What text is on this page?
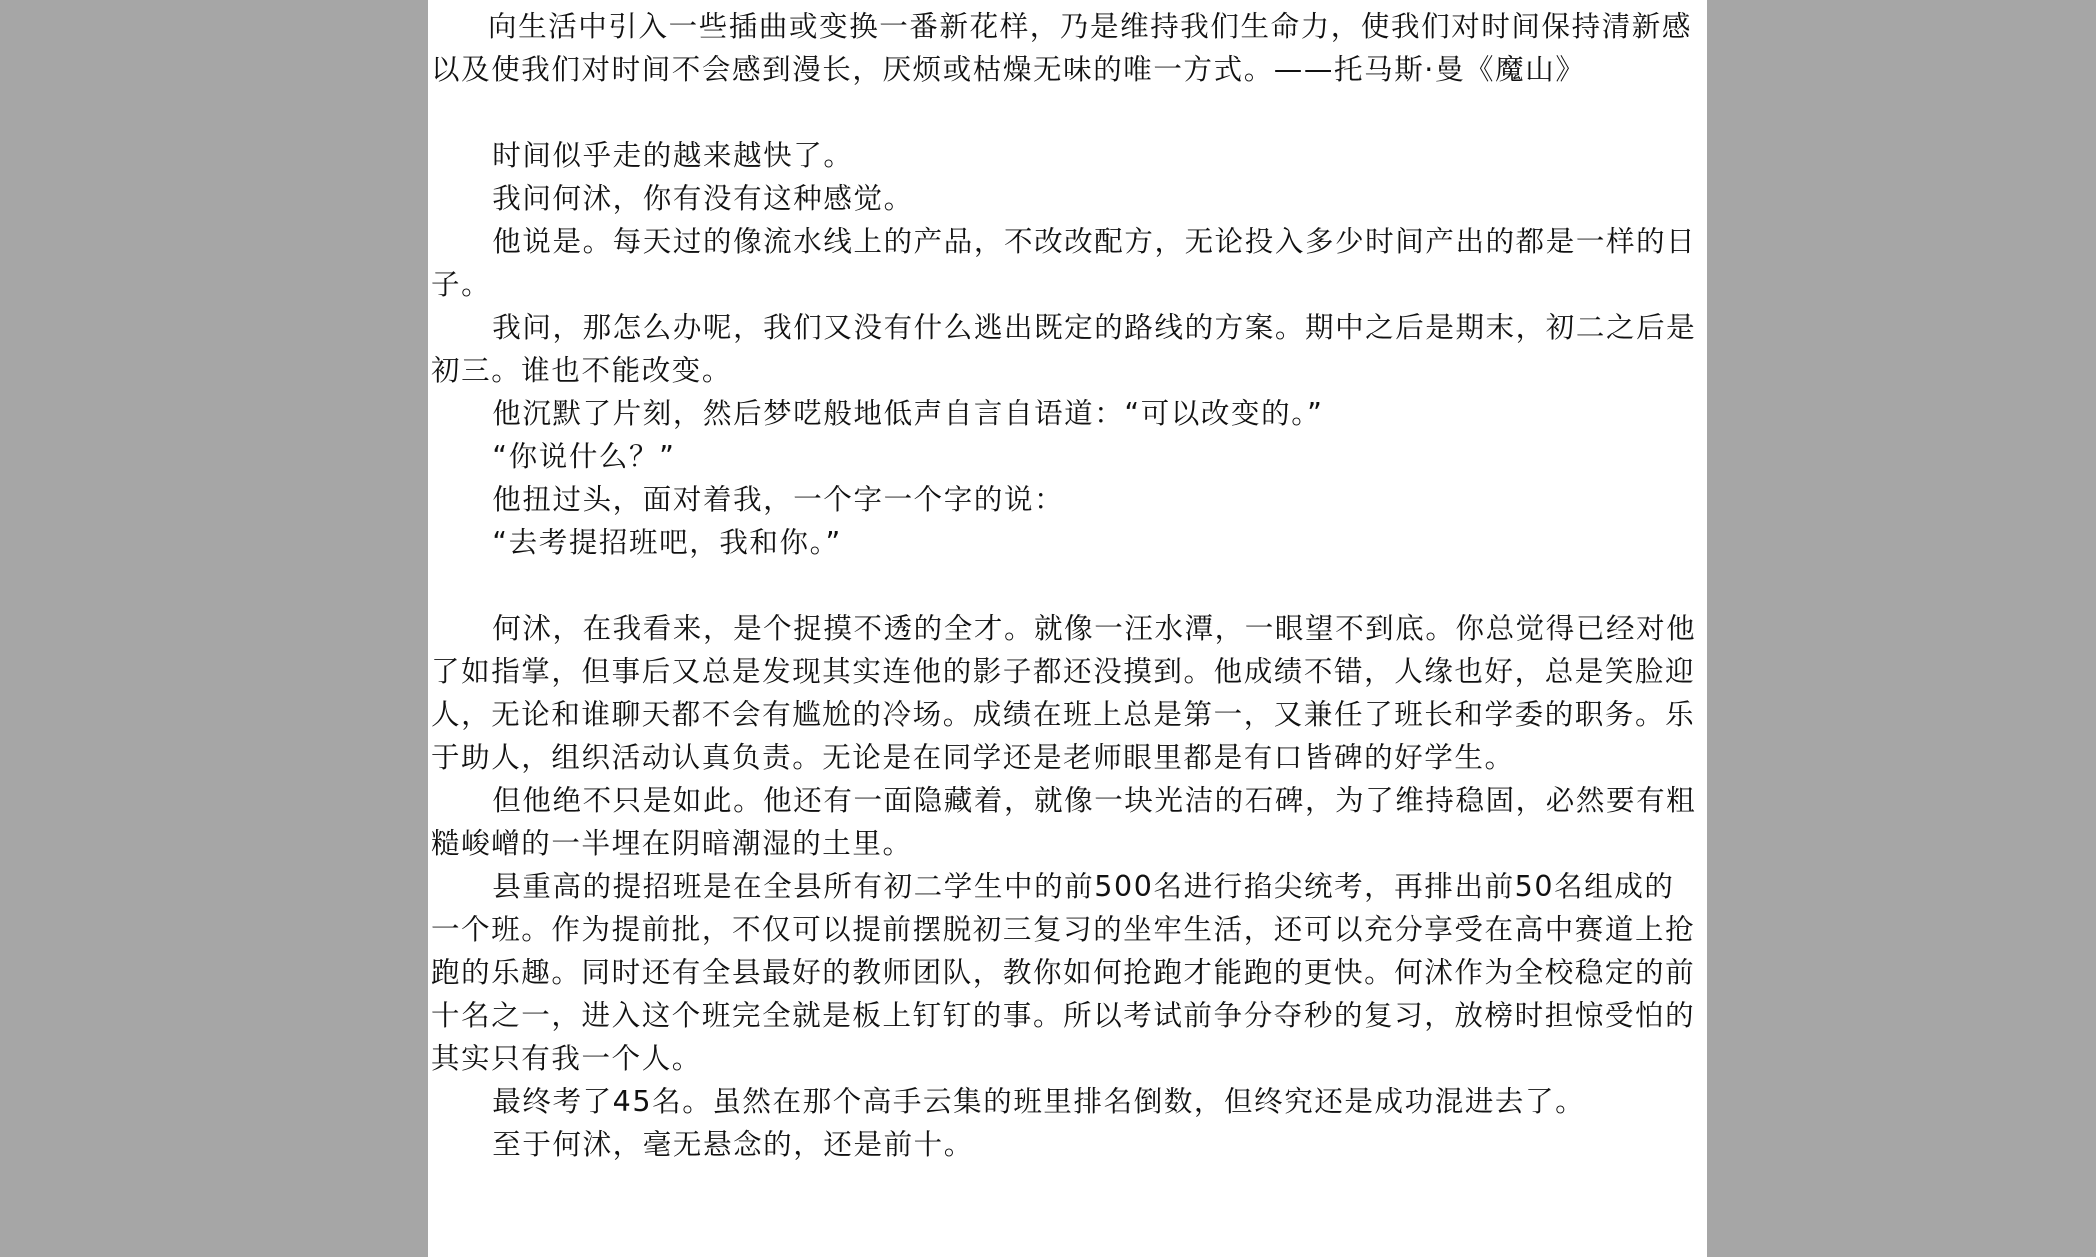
向生活中引入一些插曲或变换一番新花样，乃是维持我们生命力，使我们对时间保持清新感以及使我们对时间不会感到漫长，厌烦或枯燥无味的唯一方式。——托马斯·曼《魔山》

时间似乎走的越来越快了。

我问何沭，你有没有这种感觉。

他说是。每天过的像流水线上的产品，不改改配方，无论投入多少时间产出的都是一样的日子。

我问，那怎么办呢，我们又没有什么逃出既定的路线的方案。期中之后是期末，初二之后是初三。谁也不能改变。

他沉默了片刻，然后梦呓般地低声自言自语道：“可以改变的。”

“你说什么？”

他扭过头，面对着我，一个字一个字的说：

“去考提招班吧，我和你。”

何沭，在我看来，是个捉摸不透的全才。就像一汪水潭，一眼望不到底。你总觉得已经对他了如指掌，但事后又总是发现其实连他的影子都还没摸到。他成绩不错，人缘也好，总是笑脸迎人，无论和谁聊天都不会有尴尬的冷场。成绩在班上总是第一，又兼任了班长和学委的职务。乐于助人，组织活动认真负责。无论是在同学还是老师眼里都是有口皆碑的好学生。

但他绝不只是如此。他还有一面隐藏着，就像一块光洁的石碑，为了维持稳固，必然要有粗糙峻嶒的一半埋在阴暗潮湿的土里。

县重高的提招班是在全县所有初二学生中的前500名进行掐尖统考，再排出前50名组成的一个班。作为提前批，不仅可以提前摆脱初三复习的坐牢生活，还可以充分享受在高中赛道上抢跑的乐趣。同时还有全县最好的教师团队，教你如何抢跑才能跑的更快。何沭作为全校稳定的前十名之一，进入这个班完全就是板上钉钉的事。所以考试前争分夺秒的复习，放榜时担惊受怕的其实只有我一个人。

最终考了45名。虽然在那个高手云集的班里排名倒数，但终究还是成功混进去了。

至于何沭，毫无悬念的，还是前十。
